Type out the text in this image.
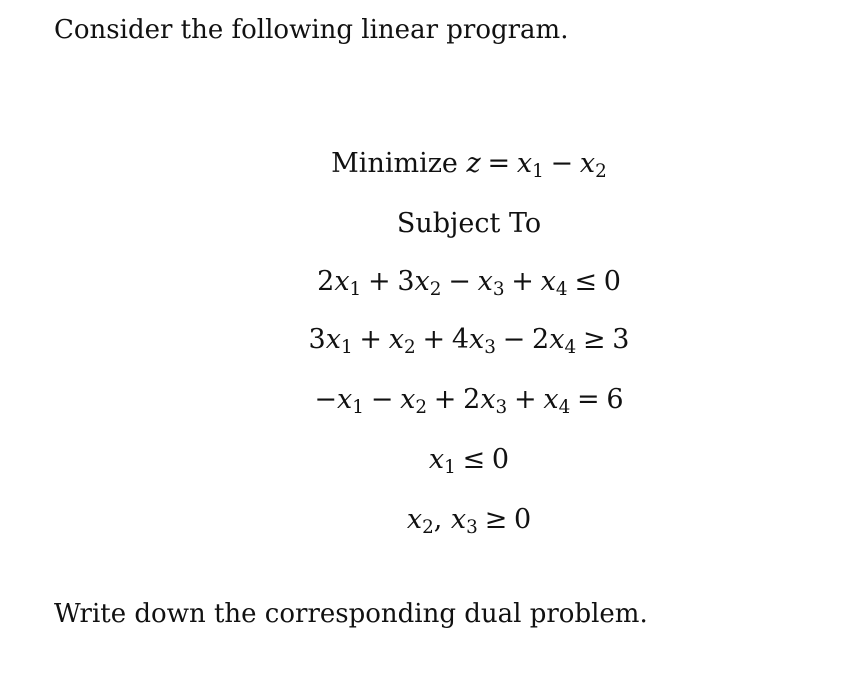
Consider the following linear program.

Minimize $z = x_1 - x_2$
Subject To
$2x_1 + 3x_2 - x_3 + x_4 \le 0$
$3x_1 + x_2 + 4x_3 - 2x_4 \ge 3$
$-x_1 - x_2 + 2x_3 + x_4 = 6$
$x_1 \le 0$
$x_2$, $x_3 \ge 0$

Write down the corresponding dual problem.
